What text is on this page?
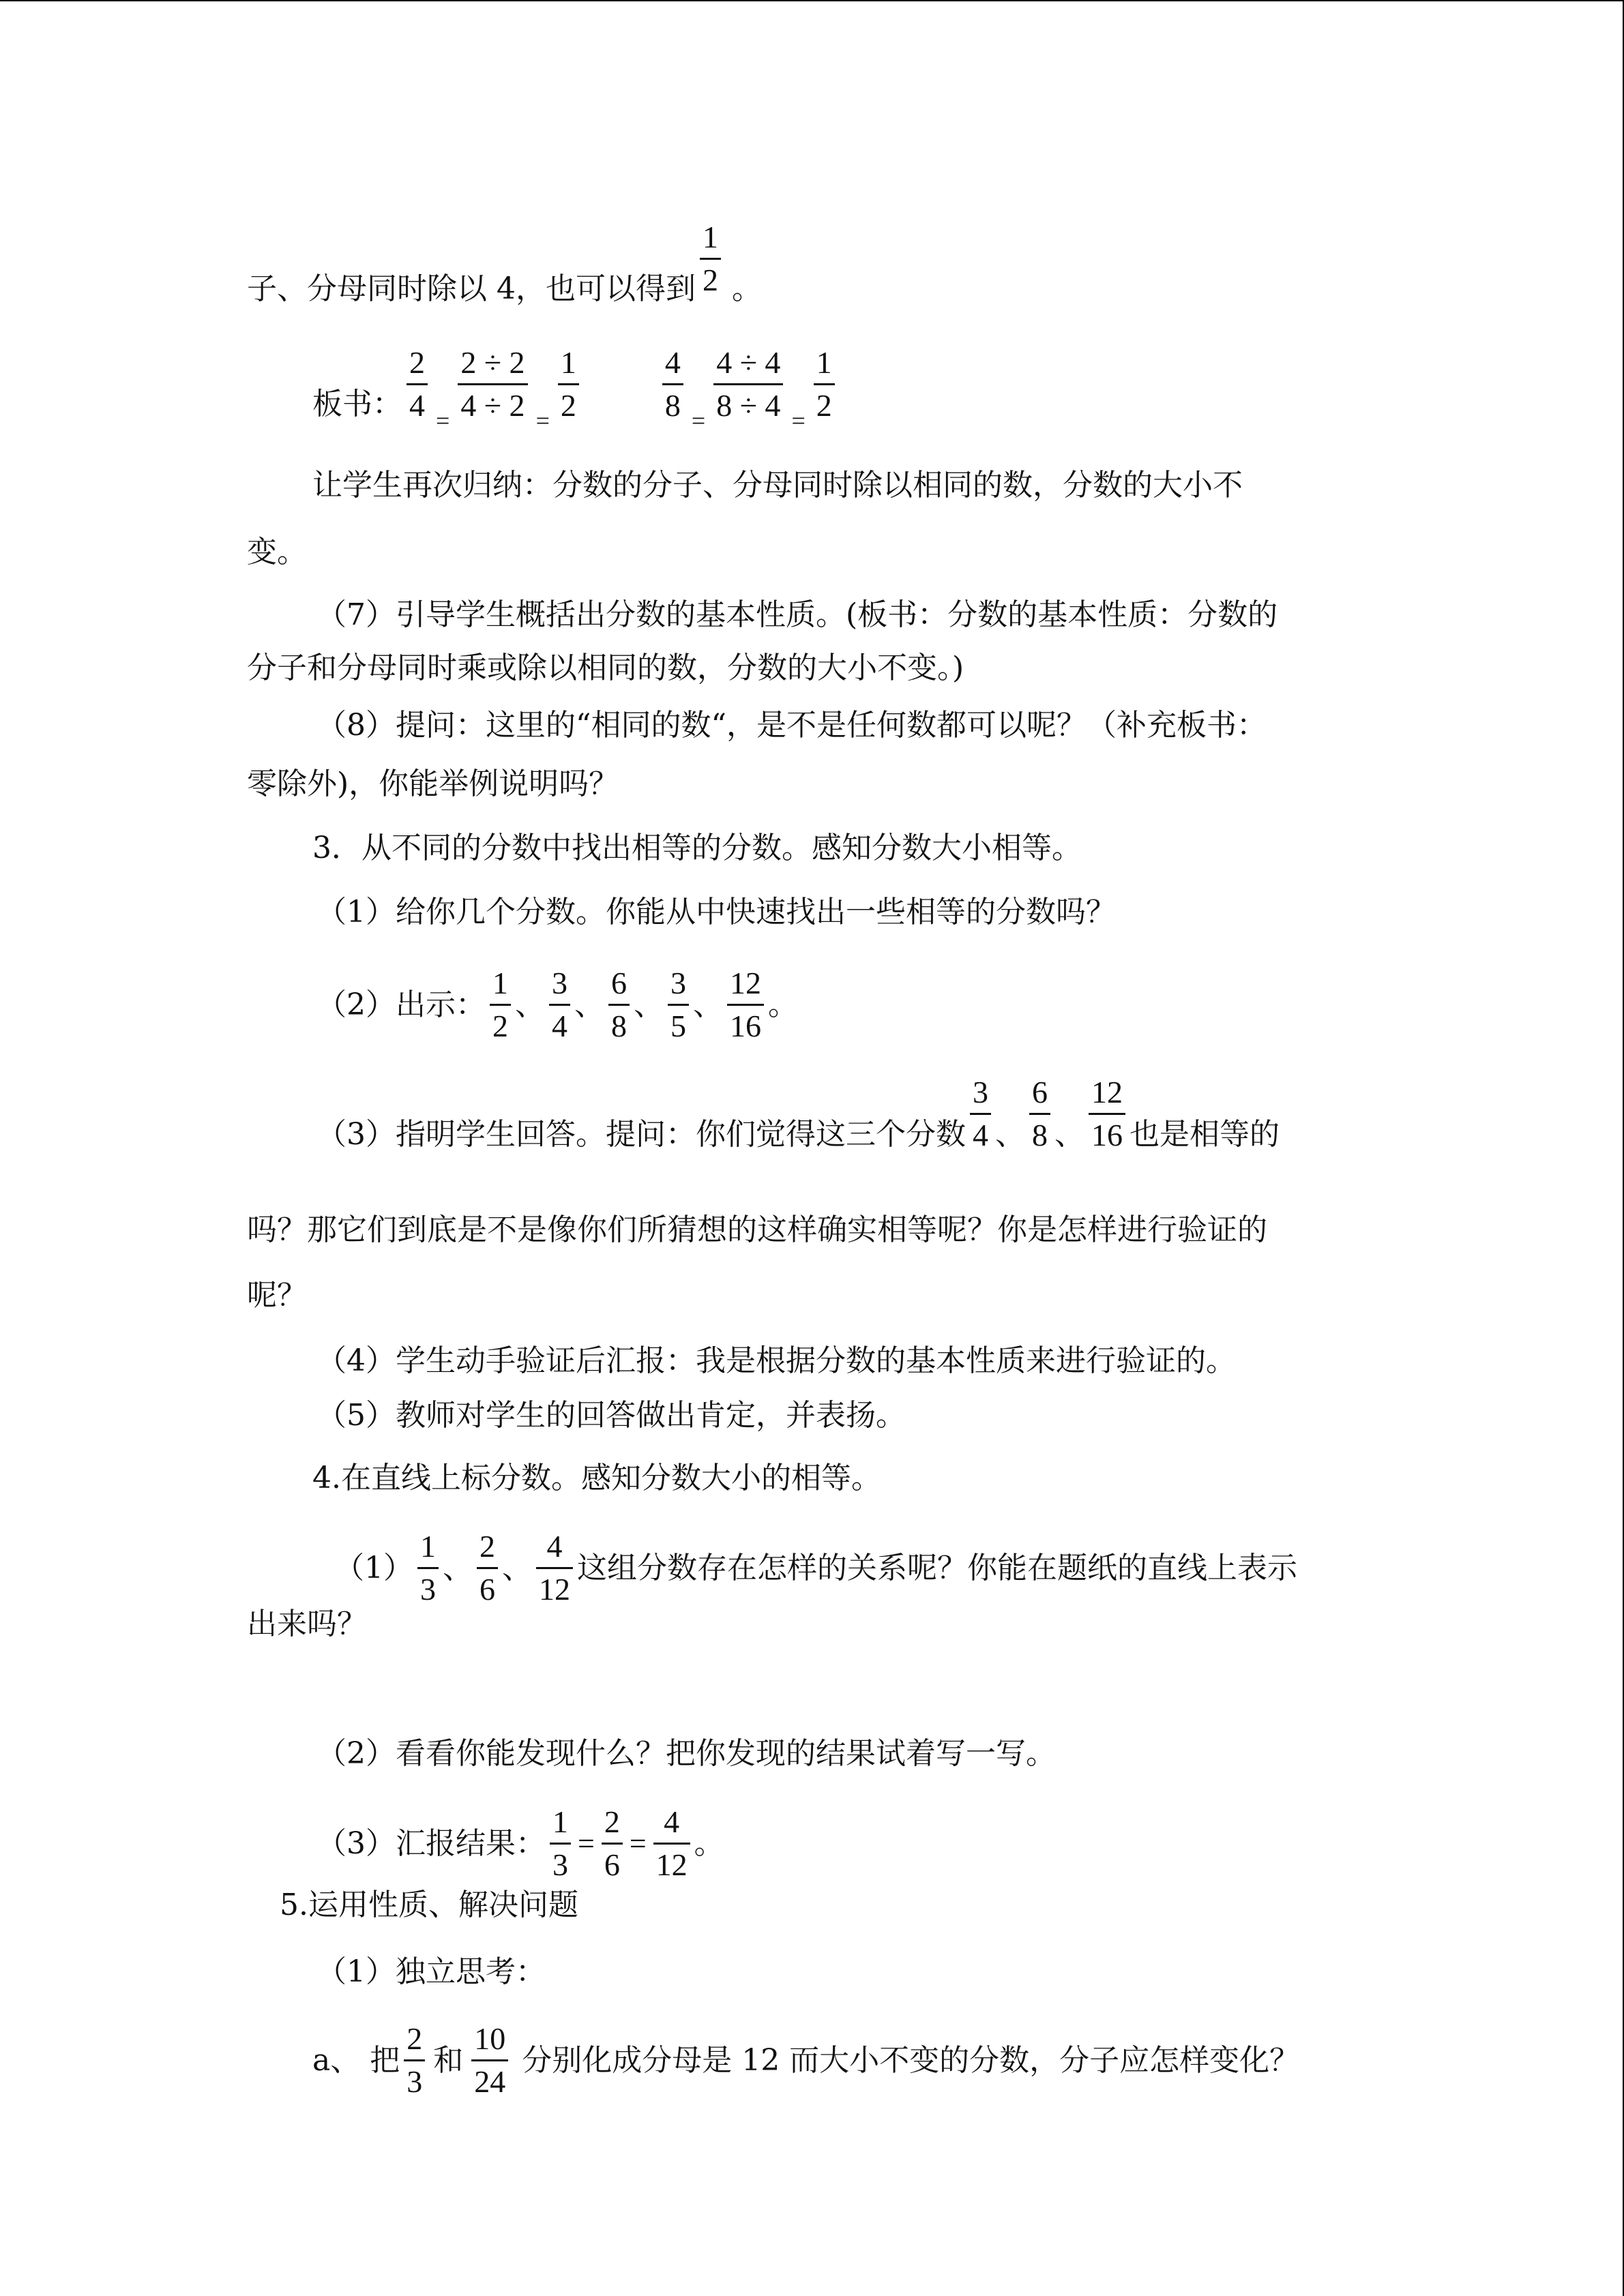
子、分母同时除以 4，也可以得到 $\frac{1}{2}$ 。
板书： $\frac{2}{4} = \frac{2 \div 2}{4 \div 2} = \frac{1}{2}$	$\frac{4}{8} = \frac{4 \div 4}{8 \div 4} = \frac{1}{2}$
让学生再次归纳：分数的分子、分母同时除以相同的数，分数的大小不
变。
（7）引导学生概括出分数的基本性质。(板书：分数的基本性质：分数的
分子和分母同时乘或除以相同的数，分数的大小不变。)
（8）提问：这里的“相同的数“，是不是任何数都可以呢？（补充板书：
零除外)，你能举例说明吗？
3．从不同的分数中找出相等的分数。感知分数大小相等。
（1）给你几个分数。你能从中快速找出一些相等的分数吗？
（2）出示： $\frac{1}{2}$ 、 $\frac{3}{4}$ 、 $\frac{6}{8}$ 、 $\frac{3}{5}$ 、 $\frac{12}{16}$ 。
（3）指明学生回答。提问：你们觉得这三个分数 $\frac{3}{4}$ 、 $\frac{6}{8}$ 、 $\frac{12}{16}$ 也是相等的
吗？那它们到底是不是像你们所猜想的这样确实相等呢？你是怎样进行验证的
呢？
（4）学生动手验证后汇报：我是根据分数的基本性质来进行验证的。
（5）教师对学生的回答做出肯定，并表扬。
4.在直线上标分数。感知分数大小的相等。
$(1) \frac{1}{3}$ 、 $\frac{2}{6}$ 、 $\frac{4}{12}$ 这组分数存在怎样的关系呢？你能在题纸的直线上表示
出来吗？
（2）看看你能发现什么？把你发现的结果试着写一写。
（3）汇报结果： $\frac{1}{3} = \frac{2}{6} = \frac{4}{12}$ 。
5.运用性质、解决问题
（1）独立思考：
a、 把 $\frac{2}{3}$ 和 $\frac{10}{24}$ 分别化成分母是 12 而大小不变的分数，分子应怎样变化？
